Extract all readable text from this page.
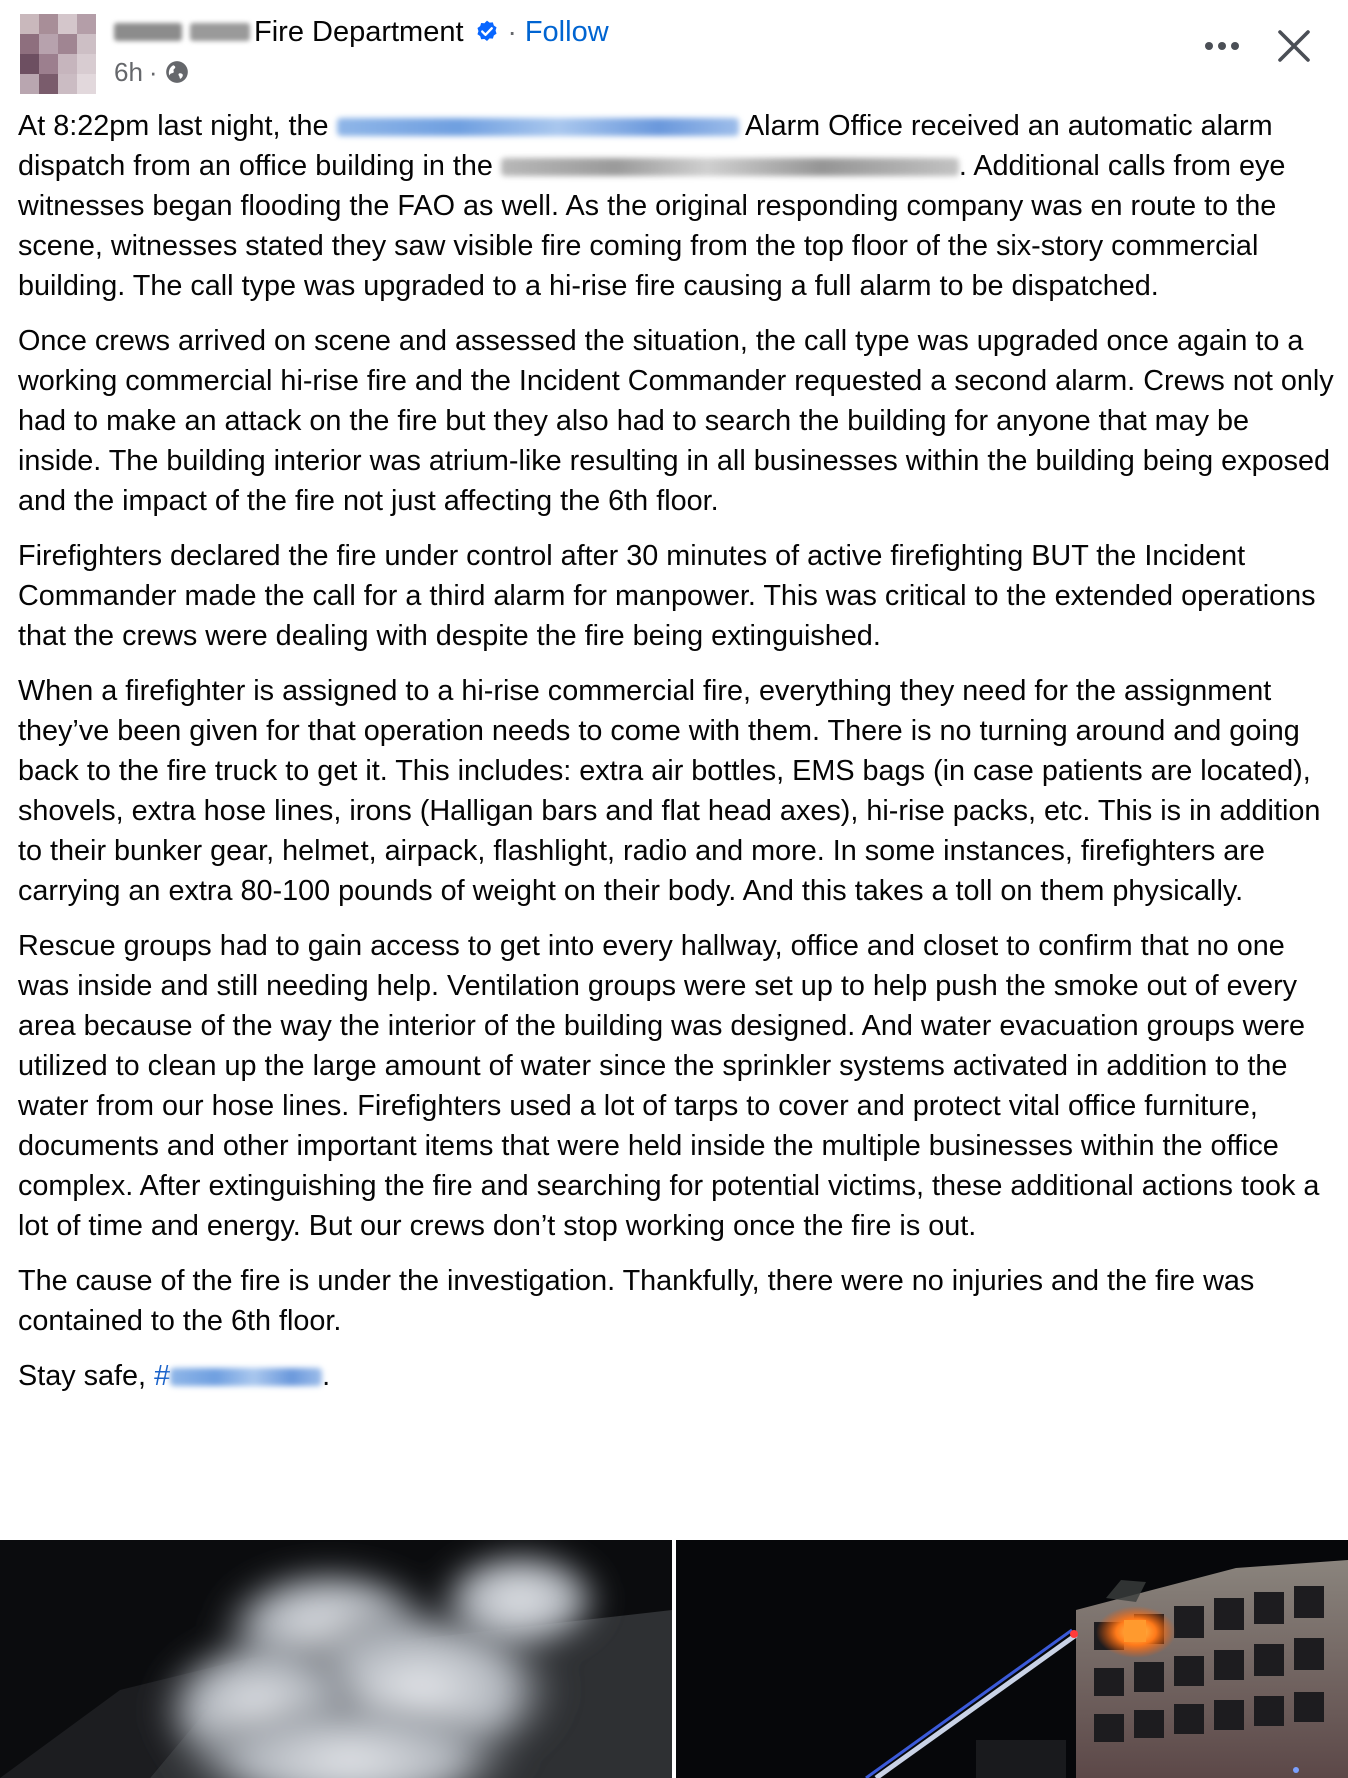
Fire Department · Follow
6h ·

At 8:22pm last night, the	Alarm Office received an automatic alarm dispatch from an office building in the	. Additional calls from eye witnesses began flooding the FAO as well. As the original responding company was en route to the scene, witnesses stated they saw visible fire coming from the top floor of the six-story commercial building. The call type was upgraded to a hi-rise fire causing a full alarm to be dispatched.

Once crews arrived on scene and assessed the situation, the call type was upgraded once again to a working commercial hi-rise fire and the Incident Commander requested a second alarm. Crews not only had to make an attack on the fire but they also had to search the building for anyone that may be inside. The building interior was atrium-like resulting in all businesses within the building being exposed and the impact of the fire not just affecting the 6th floor.

Firefighters declared the fire under control after 30 minutes of active firefighting BUT the Incident Commander made the call for a third alarm for manpower. This was critical to the extended operations that the crews were dealing with despite the fire being extinguished.

When a firefighter is assigned to a hi-rise commercial fire, everything they need for the assignment they’ve been given for that operation needs to come with them. There is no turning around and going back to the fire truck to get it. This includes: extra air bottles, EMS bags (in case patients are located), shovels, extra hose lines, irons (Halligan bars and flat head axes), hi-rise packs, etc. This is in addition to their bunker gear, helmet, airpack, flashlight, radio and more. In some instances, firefighters are carrying an extra 80-100 pounds of weight on their body. And this takes a toll on them physically.

Rescue groups had to gain access to get into every hallway, office and closet to confirm that no one was inside and still needing help. Ventilation groups were set up to help push the smoke out of every area because of the way the interior of the building was designed. And water evacuation groups were utilized to clean up the large amount of water since the sprinkler systems activated in addition to the water from our hose lines. Firefighters used a lot of tarps to cover and protect vital office furniture, documents and other important items that were held inside the multiple businesses within the office complex. After extinguishing the fire and searching for potential victims, these additional actions took a lot of time and energy. But our crews don’t stop working once the fire is out.

The cause of the fire is under the investigation. Thankfully, there were no injuries and the fire was contained to the 6th floor.

Stay safe, #	.
